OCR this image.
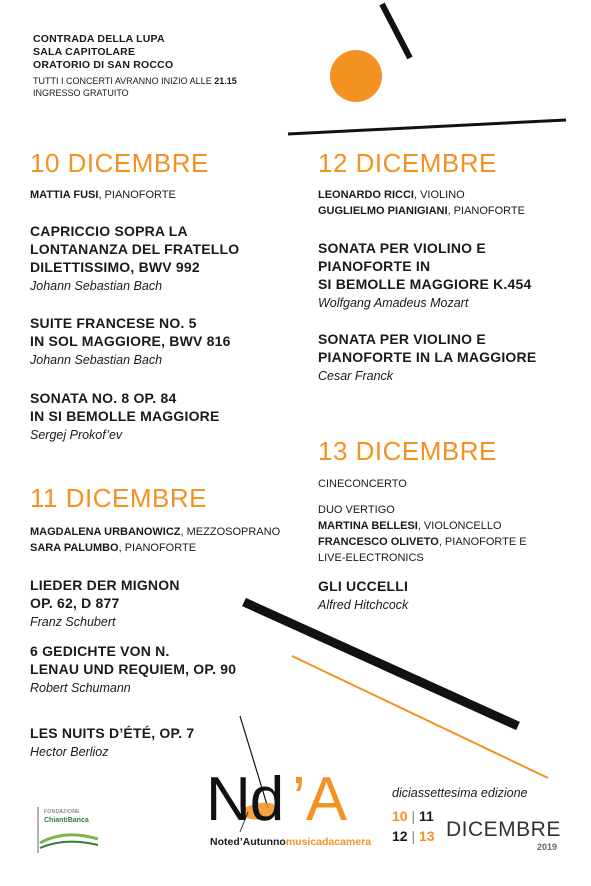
CONTRADA DELLA LUPA
SALA CAPITOLARE
ORATORIO DI SAN ROCCO
TUTTI I CONCERTI AVRANNO INIZIO ALLE 21.15
INGRESSO GRATUITO
10 DICEMBRE
MATTIA FUSI, PIANOFORTE
CAPRICCIO SOPRA LA
LONTANANZA DEL FRATELLO
DILETTISSIMO, BWV 992
Johann Sebastian Bach
SUITE FRANCESE NO. 5
IN SOL MAGGIORE, BWV 816
Johann Sebastian Bach
SONATA NO. 8 OP. 84
IN SI BEMOLLE MAGGIORE
Sergej Prokof’ev
11 DICEMBRE
MAGDALENA URBANOWICZ, MEZZOSOPRANO
SARA PALUMBO, PIANOFORTE
LIEDER DER MIGNON
OP. 62, D 877
Franz Schubert
6 GEDICHTE VON N.
LENAU UND REQUIEM, OP. 90
Robert Schumann
LES NUITS D’ÉTÉ, OP. 7
Hector Berlioz
12 DICEMBRE
LEONARDO RICCI, VIOLINO
GUGLIELMO PIANIGIANI, PIANOFORTE
SONATA PER VIOLINO E
PIANOFORTE IN
SI BEMOLLE MAGGIORE K.454
Wolfgang Amadeus Mozart
SONATA PER VIOLINO E
PIANOFORTE IN LA MAGGIORE
Cesar Franck
13 DICEMBRE
CINECONCERTO
DUO VERTIGO
MARTINA BELLESI, VIOLONCELLO
FRANCESCO OLIVETO, PIANOFORTE E
LIVE-ELECTRONICS
GLI UCCELLI
Alfred Hitchcock
FONDAZIONE
ChiantiBanca Nd ’A
Noted’Autunnomusicadacamera
diciassettesima edizione
10 | 11
12 | 13 DICEMBRE
2019
